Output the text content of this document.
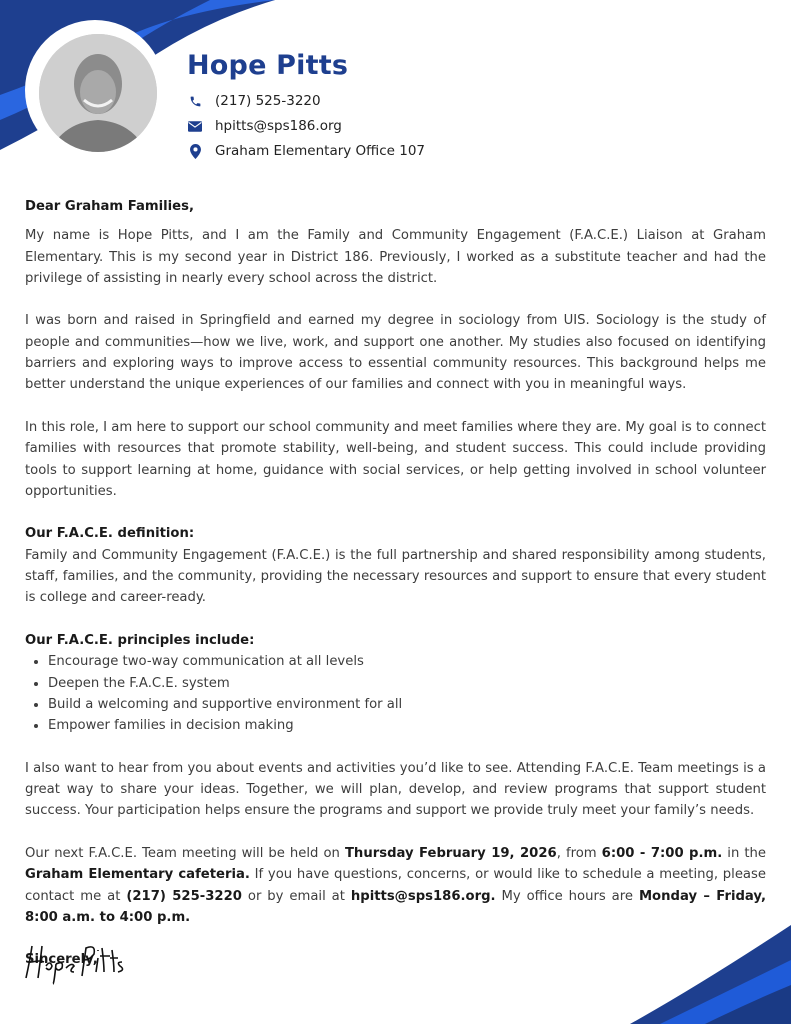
Hope Pitts
(217) 525-3220
hpitts@sps186.org
Graham Elementary Office 107

Dear Graham Families,

My name is Hope Pitts, and I am the Family and Community Engagement (F.A.C.E.) Liaison at Graham Elementary. This is my second year in District 186. Previously, I worked as a substitute teacher and had the privilege of assisting in nearly every school across the district.

I was born and raised in Springfield and earned my degree in sociology from UIS. Sociology is the study of people and communities—how we live, work, and support one another. My studies also focused on identifying barriers and exploring ways to improve access to essential community resources. This background helps me better understand the unique experiences of our families and connect with you in meaningful ways.

In this role, I am here to support our school community and meet families where they are. My goal is to connect families with resources that promote stability, well-being, and student success. This could include providing tools to support learning at home, guidance with social services, or help getting involved in school volunteer opportunities.

Our F.A.C.E. definition:
Family and Community Engagement (F.A.C.E.) is the full partnership and shared responsibility among students, staff, families, and the community, providing the necessary resources and support to ensure that every student is college and career-ready.

Our F.A.C.E. principles include:
• Encourage two-way communication at all levels
• Deepen the F.A.C.E. system
• Build a welcoming and supportive environment for all
• Empower families in decision making

I also want to hear from you about events and activities you’d like to see. Attending F.A.C.E. Team meetings is a great way to share your ideas. Together, we will plan, develop, and review programs that support student success. Your participation helps ensure the programs and support we provide truly meet your family’s needs.

Our next F.A.C.E. Team meeting will be held on Thursday February 19, 2026, from 6:00 - 7:00 p.m. in the Graham Elementary cafeteria. If you have questions, concerns, or would like to schedule a meeting, please contact me at (217) 525-3220 or by email at hpitts@sps186.org. My office hours are Monday – Friday, 8:00 a.m. to 4:00 p.m.

Sincerely,
